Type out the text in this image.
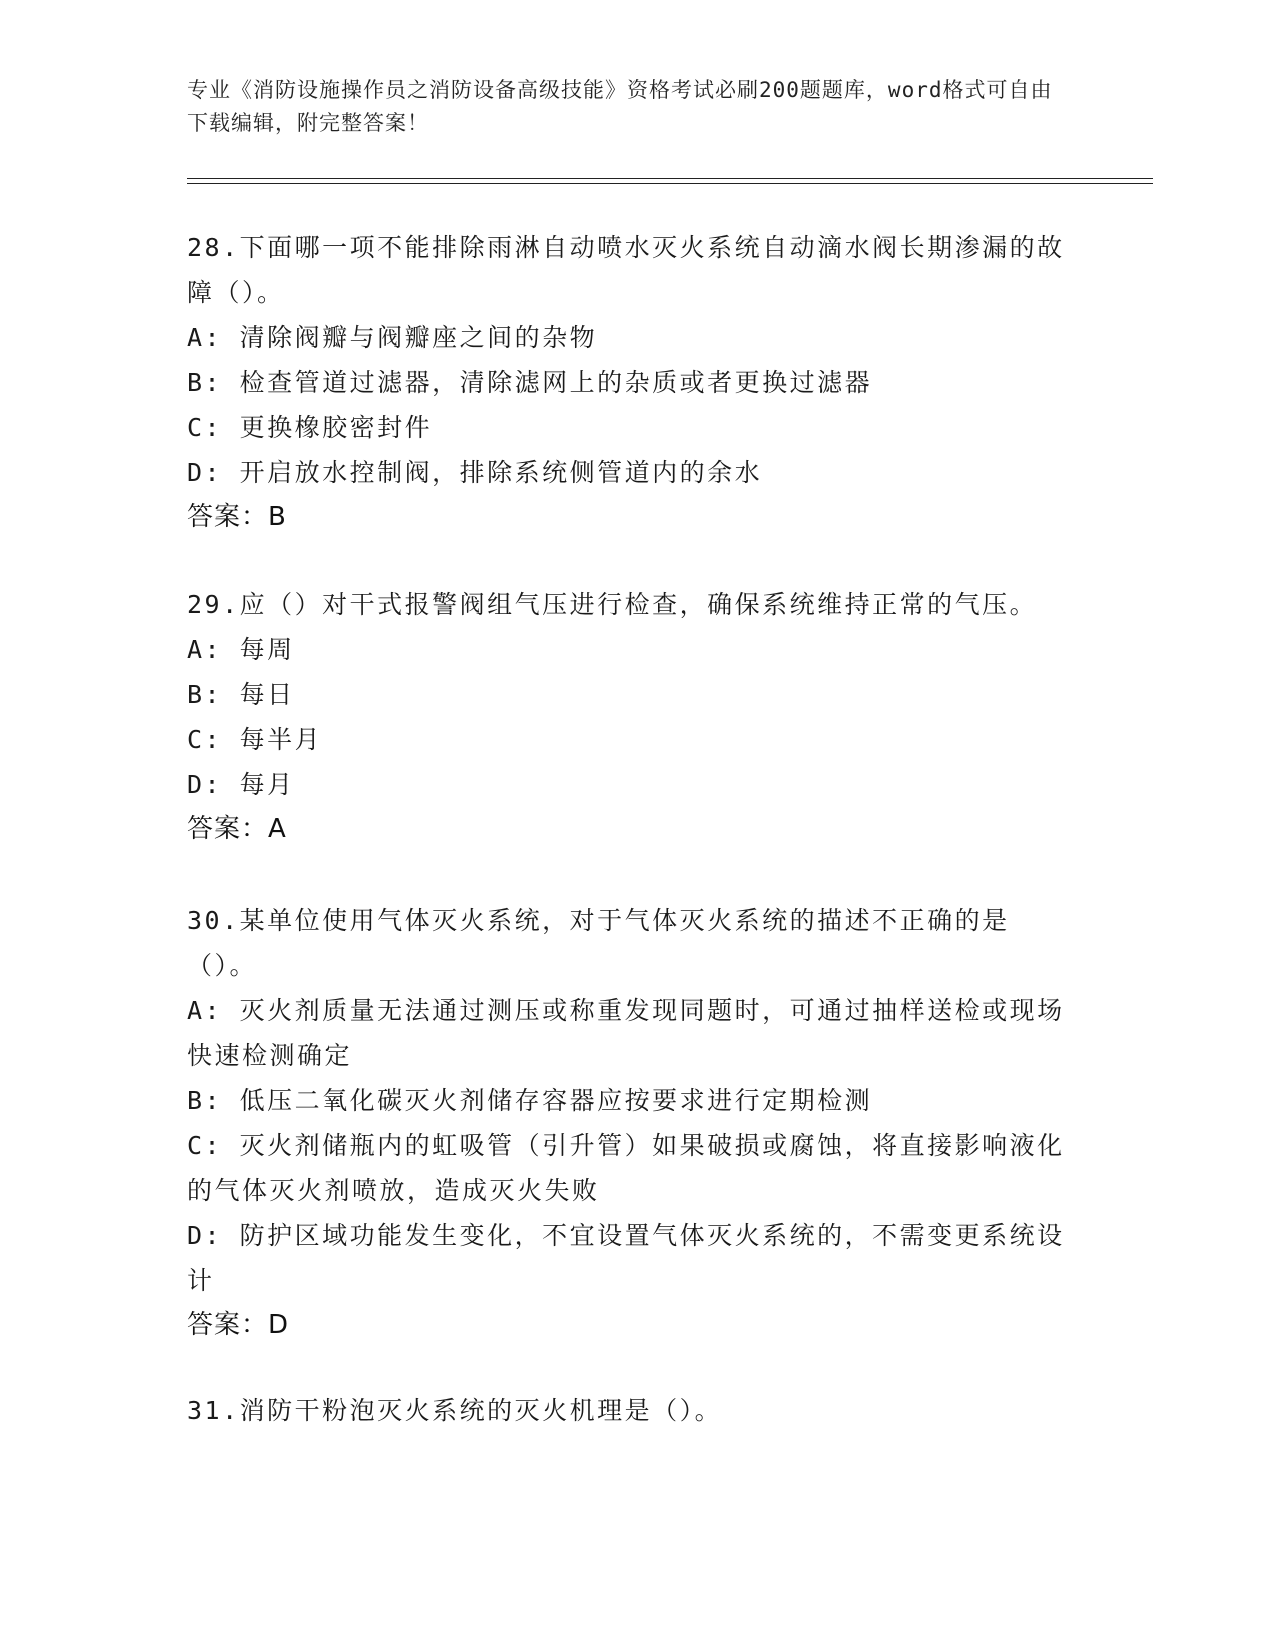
专业《消防设施操作员之消防设备高级技能》资格考试必刷200题题库，word格式可自由下载编辑，附完整答案！

28.下面哪一项不能排除雨淋自动喷水灭火系统自动滴水阀长期渗漏的故障（）。

A: 清除阀瓣与阀瓣座之间的杂物

B: 检查管道过滤器，清除滤网上的杂质或者更换过滤器

C: 更换橡胶密封件

D: 开启放水控制阀，排除系统侧管道内的余水

答案：B

29.应（）对干式报警阀组气压进行检查，确保系统维持正常的气压。

A: 每周

B: 每日

C: 每半月

D: 每月

答案：A

30.某单位使用气体灭火系统，对于气体灭火系统的描述不正确的是（）。

A: 灭火剂质量无法通过测压或称重发现同题时，可通过抽样送检或现场快速检测确定

B: 低压二氧化碳灭火剂储存容器应按要求进行定期检测

C: 灭火剂储瓶内的虹吸管（引升管）如果破损或腐蚀，将直接影响液化的气体灭火剂喷放，造成灭火失败

D: 防护区域功能发生变化，不宜设置气体灭火系统的，不需变更系统设计

答案：D

31.消防干粉泡灭火系统的灭火机理是（）。
